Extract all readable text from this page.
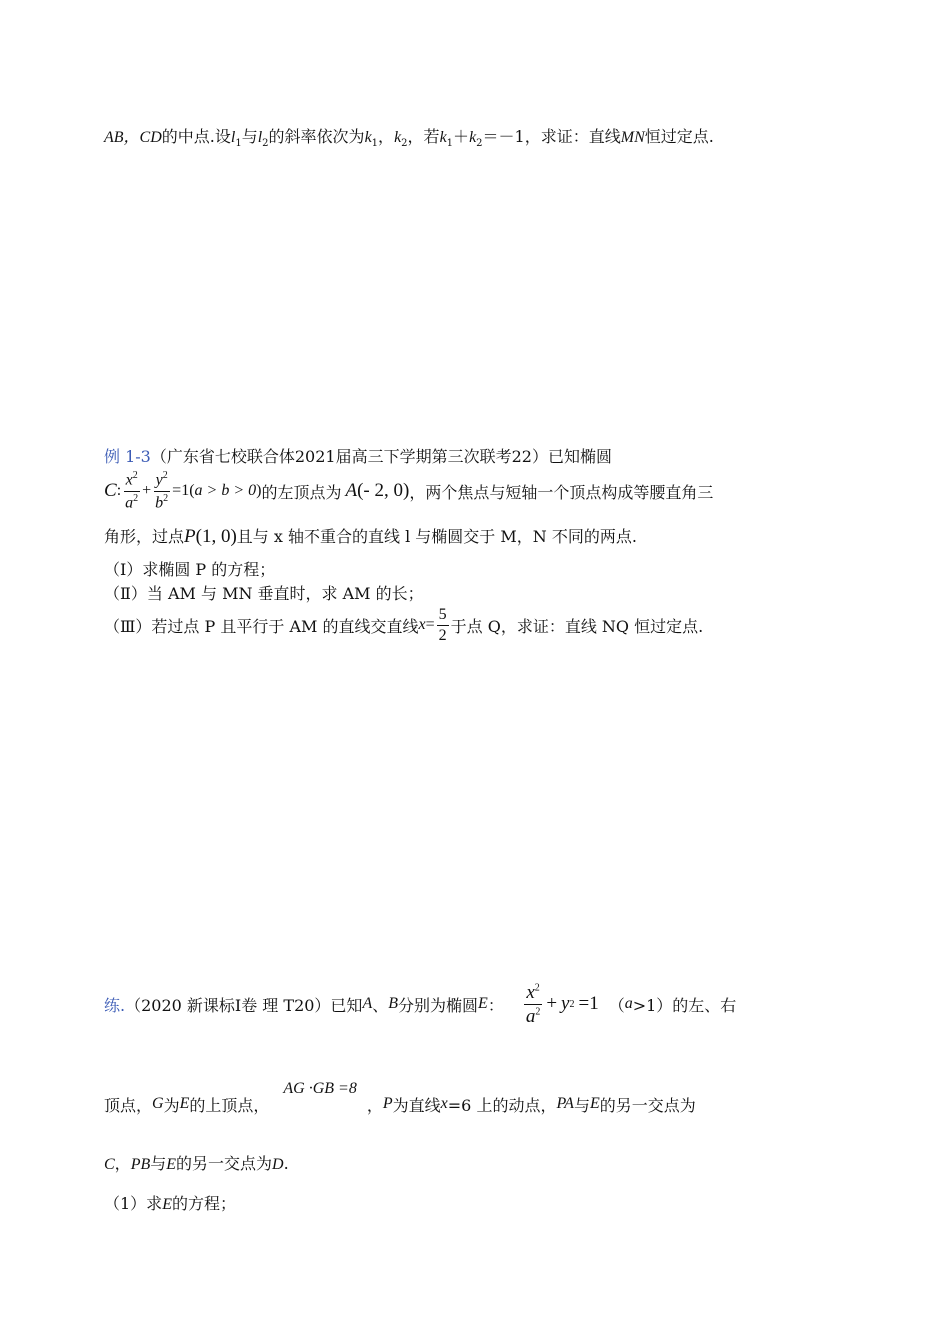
AB，CD的中点.设$l_1$与$l_2$的斜率依次为$k_1$，$k_2$，若$k_1+k_2=-1$，求证：直线MN恒过定点.
例 1-3（广东省七校联合体2021届高三下学期第三次联考22）已知椭圆
C : $\frac{x^2}{a^2} + \frac{y^2}{b^2} =1$( a > b > 0 ) 的左顶点为 A (- 2, 0) ，两个焦点与短轴一个顶点构成等腰直角三
角形，过点P(1, 0)且与 x 轴不重合的直线 l 与椭圆交于 M，N 不同的两点.
（Ⅰ）求椭圆 P 的方程；
（Ⅱ）当 AM 与 MN 垂直时，求 AM 的长；
（Ⅲ）若过点 P 且平行于 AM 的直线交直线 $x = \frac{5}{2}$ 于点 Q，求证：直线 NQ 恒过定点.
练. （2020 新课标Ⅰ卷 理 T20）已知 A 、 B 分别为椭圆 E ： $\frac{x^2}{a^2} + y$ 2 =1 （ a >1）的左、右
顶点， G 为 E 的上顶点，
AG ·GB =8
， P 为直线 x =6 上的动点， PA 与 E 的另一交点为
C，PB与E的另一交点为D.
（1）求E的方程；
